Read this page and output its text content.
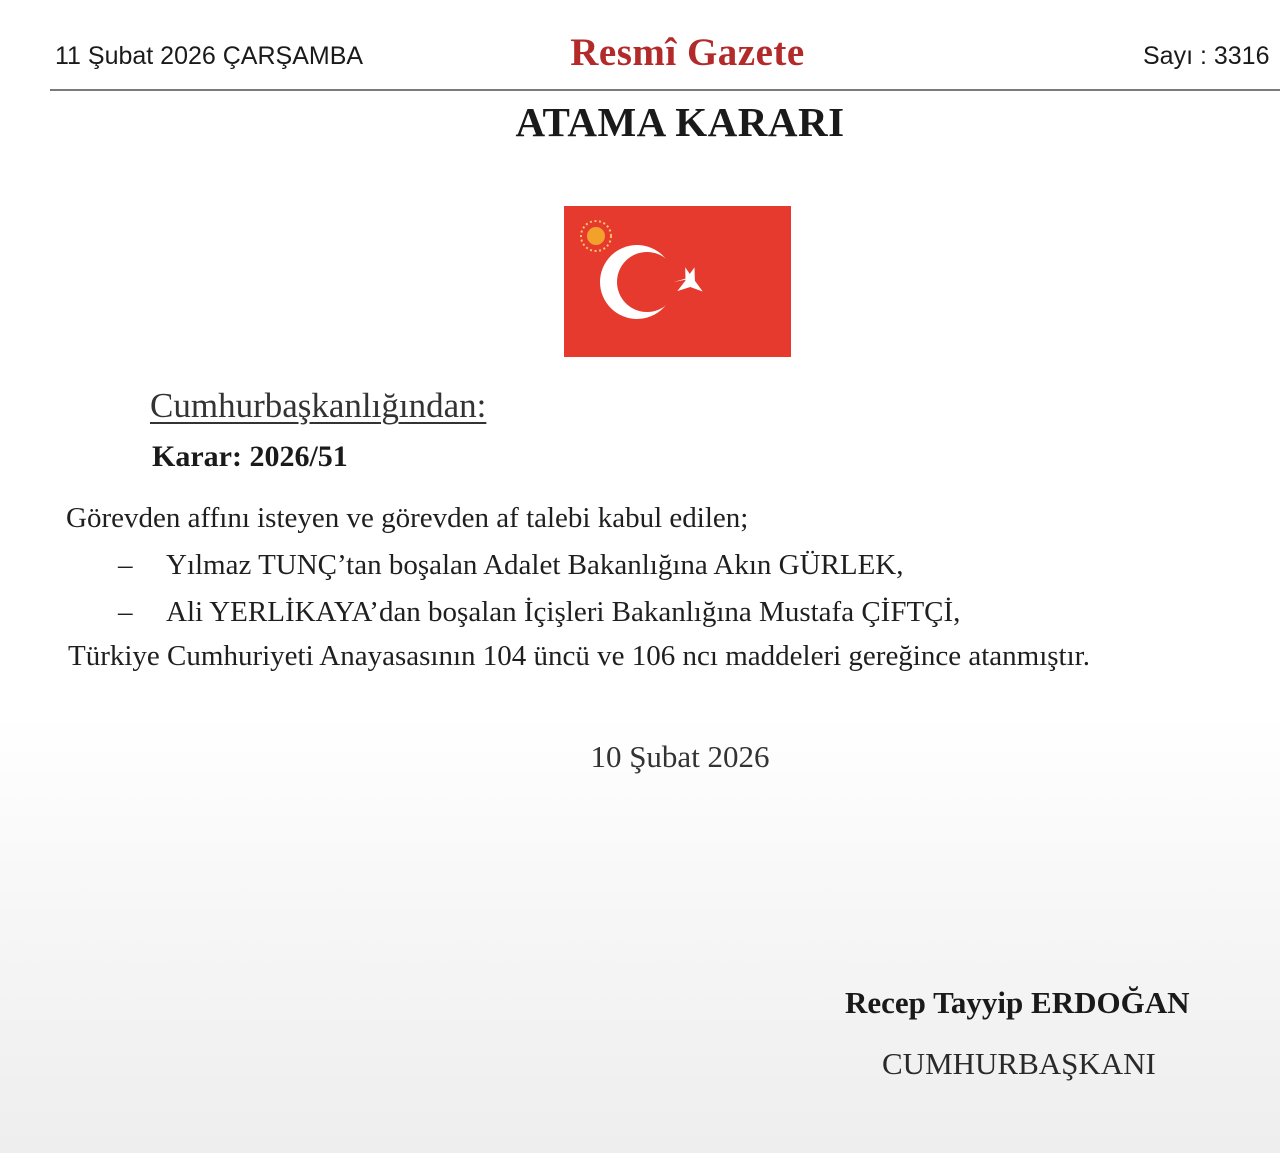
11 Şubat 2026 ÇARŞAMBA	Resmî Gazete	Sayı : 3316
ATAMA KARARI
Cumhurbaşkanlığından:
Karar: 2026/51
Görevden affını isteyen ve görevden af talebi kabul edilen;
– Yılmaz TUNÇ’tan boşalan Adalet Bakanlığına Akın GÜRLEK,
– Ali YERLİKAYA’dan boşalan İçişleri Bakanlığına Mustafa ÇİFTÇİ,
Türkiye Cumhuriyeti Anayasasının 104 üncü ve 106 ncı maddeleri gereğince atanmıştır.
10 Şubat 2026
Recep Tayyip ERDOĞAN
CUMHURBAŞKANI
